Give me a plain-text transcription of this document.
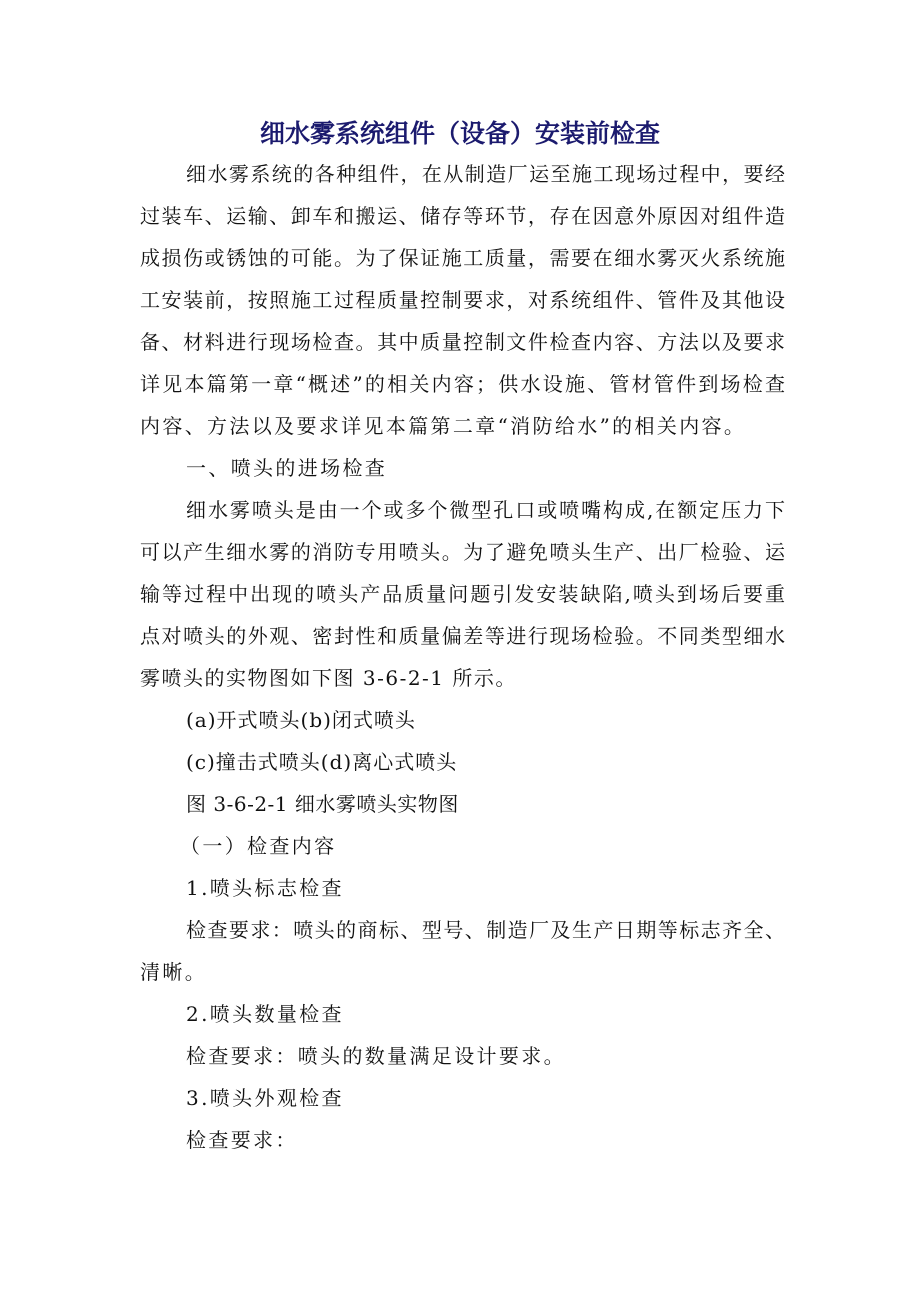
细水雾系统组件（设备）安装前检查
细水雾系统的各种组件，在从制造厂运至施工现场过程中，要经
过装车、运输、卸车和搬运、储存等环节，存在因意外原因对组件造
成损伤或锈蚀的可能。为了保证施工质量，需要在细水雾灭火系统施
工安装前，按照施工过程质量控制要求，对系统组件、管件及其他设
备、材料进行现场检查。其中质量控制文件检查内容、方法以及要求
详见本篇第一章“概述”的相关内容；供水设施、管材管件到场检查
内容、方法以及要求详见本篇第二章“消防给水”的相关内容。
一、喷头的进场检查
细水雾喷头是由一个或多个微型孔口或喷嘴构成,在额定压力下
可以产生细水雾的消防专用喷头。为了避免喷头生产、出厂检验、运
输等过程中出现的喷头产品质量问题引发安装缺陷,喷头到场后要重
点对喷头的外观、密封性和质量偏差等进行现场检验。不同类型细水
雾喷头的实物图如下图 3-6-2-1 所示。
(a)开式喷头(b)闭式喷头
(c)撞击式喷头(d)离心式喷头
图 3-6-2-1 细水雾喷头实物图
（一）检查内容
1.喷头标志检查
检查要求：喷头的商标、型号、制造厂及生产日期等标志齐全、
清晰。
2.喷头数量检查
检查要求：喷头的数量满足设计要求。
3.喷头外观检查
检查要求：
